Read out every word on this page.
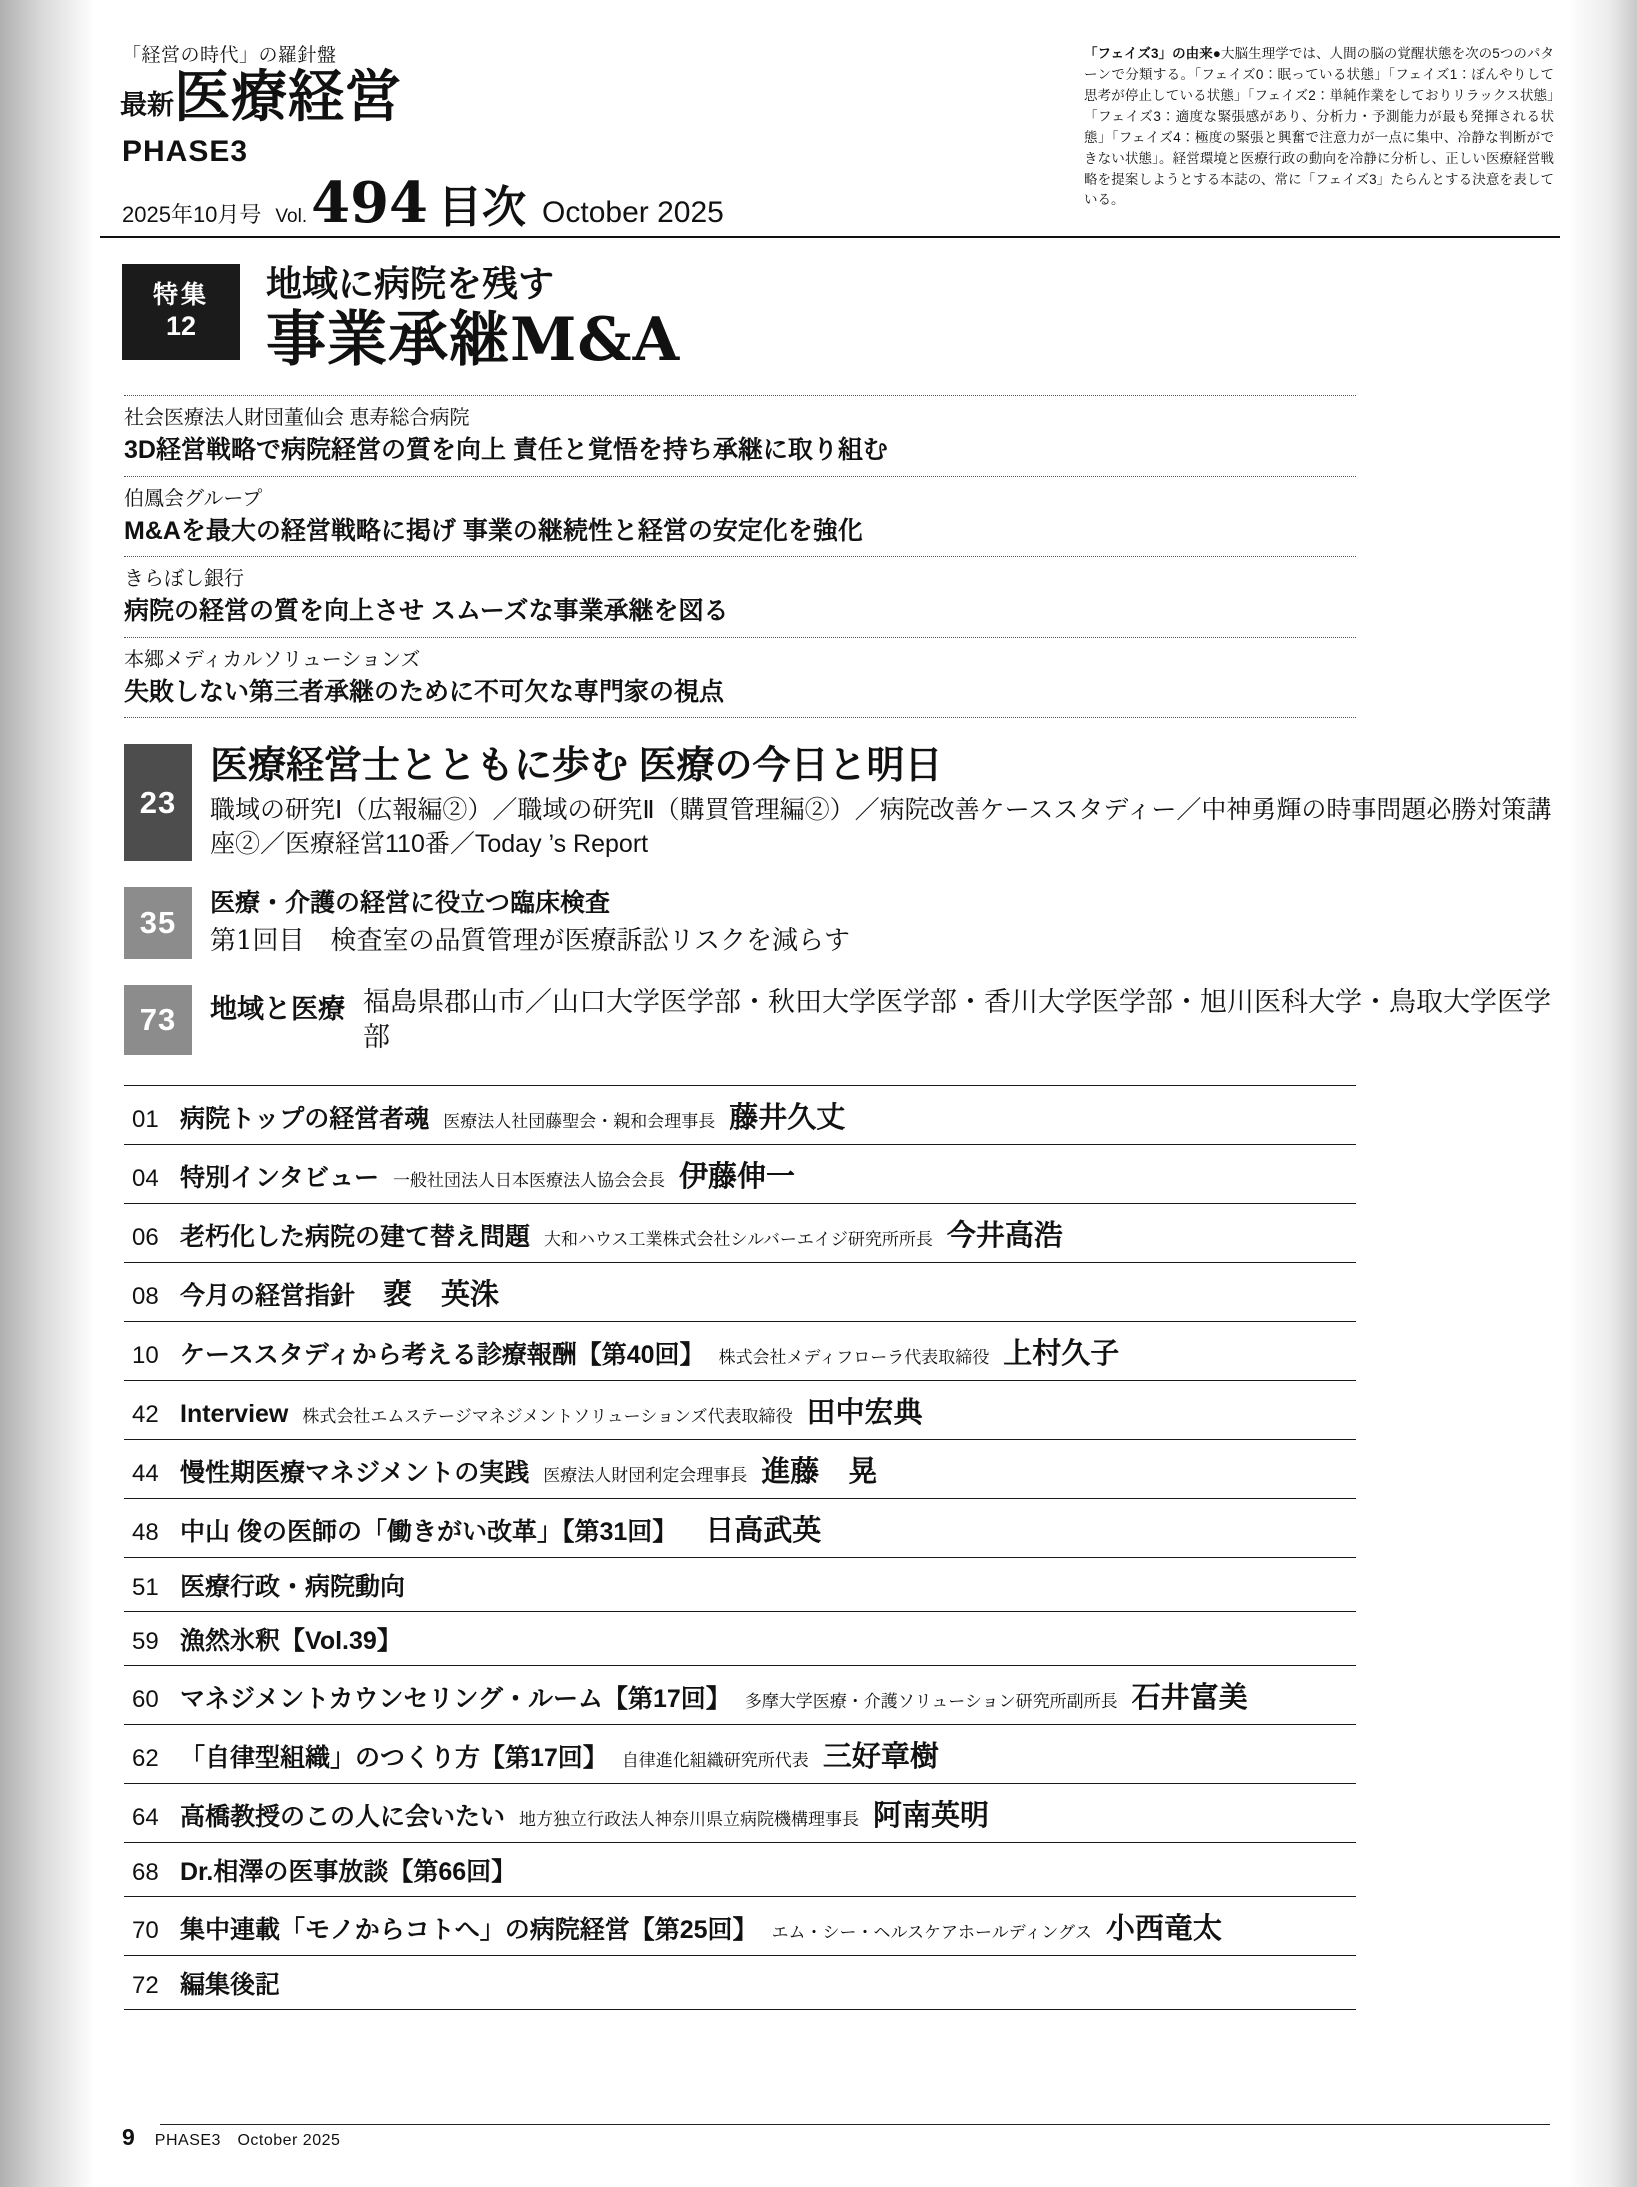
「経営の時代」の羅針盤
最新 医療経営
PHASE3
2025年10月号 Vol. 494 目次 October 2025
「フェイズ3」の由来●大脳生理学では、人間の脳の覚醒状態を次の5つのパターンで分類する。「フェイズ0：眠っている状態」「フェイズ1：ぼんやりして思考が停止している状態」「フェイズ2：単純作業をしておりリラックス状態」「フェイズ3：適度な緊張感があり、分析力・予測能力が最も発揮される状態」「フェイズ4：極度の緊張と興奮で注意力が一点に集中、冷静な判断ができない状態」。経営環境と医療行政の動向を冷静に分析し、正しい医療経営戦略を提案しようとする本誌の、常に「フェイズ3」たらんとする決意を表している。
特集
12
地域に病院を残す
事業承継M&A
社会医療法人財団董仙会 恵寿総合病院
3D経営戦略で病院経営の質を向上 責任と覚悟を持ち承継に取り組む
伯鳳会グループ
M&Aを最大の経営戦略に掲げ 事業の継続性と経営の安定化を強化
きらぼし銀行
病院の経営の質を向上させ スムーズな事業承継を図る
本郷メディカルソリューションズ
失敗しない第三者承継のために不可欠な専門家の視点
23
医療経営士とともに歩む 医療の今日と明日
職域の研究Ⅰ（広報編②）／職域の研究Ⅱ（購買管理編②）／病院改善ケーススタディー／中神勇輝の時事問題必勝対策講座②／医療経営110番／Today ’s Report
35
医療・介護の経営に役立つ臨床検査
第1回目　検査室の品質管理が医療訴訟リスクを減らす
73	地域と医療 福島県郡山市／山口大学医学部・秋田大学医学部・香川大学医学部・旭川医科大学・鳥取大学医学部
01 病院トップの経営者魂 医療法人社団藤聖会・親和会理事長 藤井久丈
04 特別インタビュー 一般社団法人日本医療法人協会会長 伊藤伸一
06 老朽化した病院の建て替え問題 大和ハウス工業株式会社シルバーエイジ研究所所長 今井高浩
08 今月の経営指針 裵　英洙
10 ケーススタディから考える診療報酬【第40回】 株式会社メディフローラ代表取締役 上村久子
42 Interview 株式会社エムステージマネジメントソリューションズ代表取締役 田中宏典
44 慢性期医療マネジメントの実践 医療法人財団利定会理事長 進藤　晃
48 中山 俊の医師の「働きがい改革」【第31回】 日高武英
51 医療行政・病院動向
59 漁然氷釈【Vol.39】
60 マネジメントカウンセリング・ルーム【第17回】 多摩大学医療・介護ソリューション研究所副所長 石井富美
62 「自律型組織」のつくり方【第17回】 自律進化組織研究所代表 三好章樹
64 高橋教授のこの人に会いたい 地方独立行政法人神奈川県立病院機構理事長 阿南英明
68 Dr.相澤の医事放談【第66回】
70 集中連載「モノからコトへ」の病院経営【第25回】 エム・シー・ヘルスケアホールディングス 小西竜太
72 編集後記
9 PHASE3　October 2025
